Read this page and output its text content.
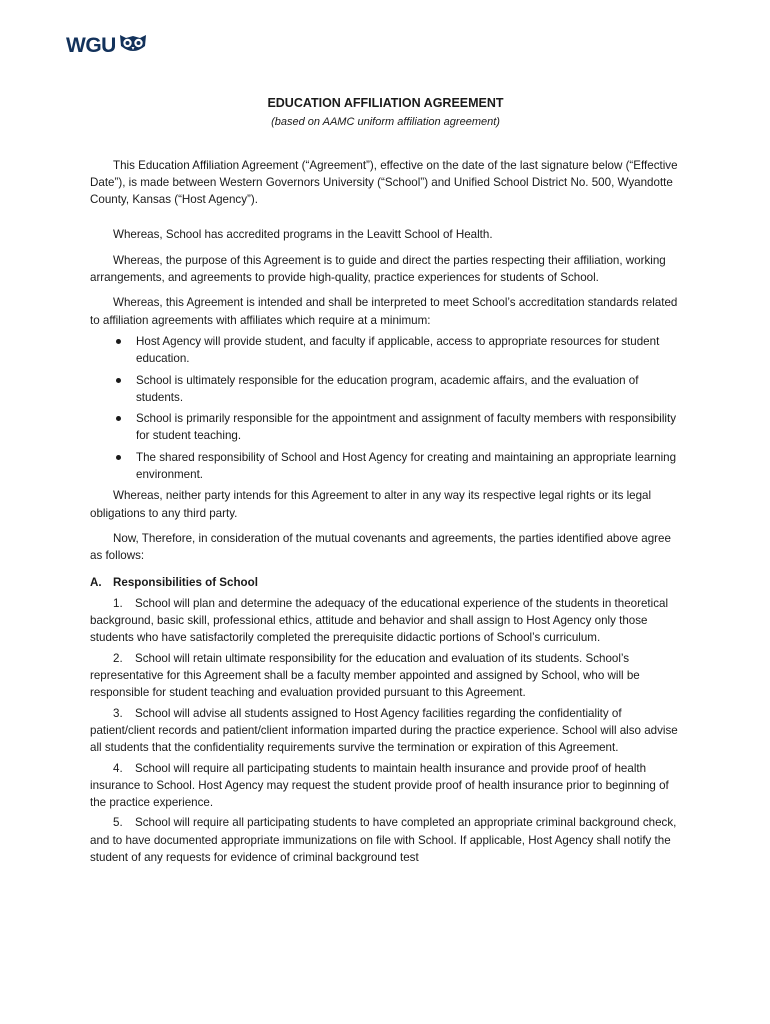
WGU

EDUCATION AFFILIATION AGREEMENT

(based on AAMC uniform affiliation agreement)

This Education Affiliation Agreement (“Agreement”), effective on the date of the last signature below (“Effective Date”), is made between Western Governors University (“School”) and Unified School District No. 500, Wyandotte County, Kansas (“Host Agency”).

Whereas, School has accredited programs in the Leavitt School of Health.

Whereas, the purpose of this Agreement is to guide and direct the parties respecting their affiliation, working arrangements, and agreements to provide high-quality, practice experiences for students of School.

Whereas, this Agreement is intended and shall be interpreted to meet School’s accreditation standards related to affiliation agreements with affiliates which require at a minimum:

Host Agency will provide student, and faculty if applicable, access to appropriate resources for student education.
School is ultimately responsible for the education program, academic affairs, and the evaluation of students.
School is primarily responsible for the appointment and assignment of faculty members with responsibility for student teaching.
The shared responsibility of School and Host Agency for creating and maintaining an appropriate learning environment.

Whereas, neither party intends for this Agreement to alter in any way its respective legal rights or its legal obligations to any third party.

Now, Therefore, in consideration of the mutual covenants and agreements, the parties identified above agree as follows:

A. Responsibilities of School

1. School will plan and determine the adequacy of the educational experience of the students in theoretical background, basic skill, professional ethics, attitude and behavior and shall assign to Host Agency only those students who have satisfactorily completed the prerequisite didactic portions of School’s curriculum.

2. School will retain ultimate responsibility for the education and evaluation of its students. School’s representative for this Agreement shall be a faculty member appointed and assigned by School, who will be responsible for student teaching and evaluation provided pursuant to this Agreement.

3. School will advise all students assigned to Host Agency facilities regarding the confidentiality of patient/client records and patient/client information imparted during the practice experience. School will also advise all students that the confidentiality requirements survive the termination or expiration of this Agreement.

4. School will require all participating students to maintain health insurance and provide proof of health insurance to School. Host Agency may request the student provide proof of health insurance prior to beginning of the practice experience.

5. School will require all participating students to have completed an appropriate criminal background check, and to have documented appropriate immunizations on file with School. If applicable, Host Agency shall notify the student of any requests for evidence of criminal background test
